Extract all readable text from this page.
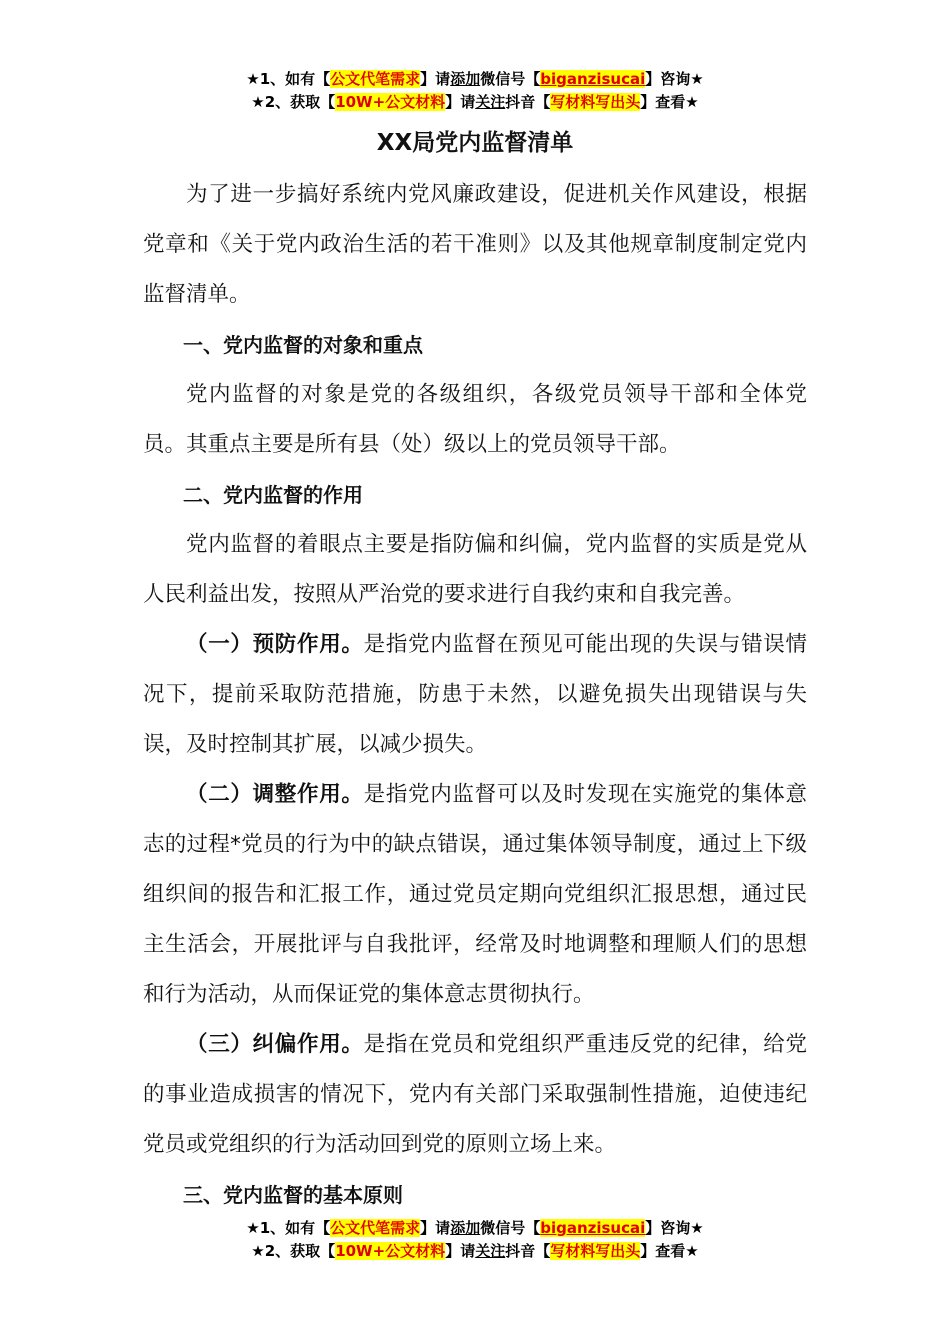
★1、如有【公文代笔需求】请添加微信号【biganzisucai】咨询★
★2、获取【10W+公文材料】请关注抖音【写材料写出头】查看★
XX局党内监督清单

为了进一步搞好系统内党风廉政建设，促进机关作风建设，根据党章和《关于党内政治生活的若干准则》以及其他规章制度制定党内监督清单。

一、党内监督的对象和重点

党内监督的对象是党的各级组织，各级党员领导干部和全体党员。其重点主要是所有县（处）级以上的党员领导干部。

二、党内监督的作用

党内监督的着眼点主要是指防偏和纠偏，党内监督的实质是党从人民利益出发，按照从严治党的要求进行自我约束和自我完善。

（一）预防作用。是指党内监督在预见可能出现的失误与错误情况下，提前采取防范措施，防患于未然，以避免损失出现错误与失误，及时控制其扩展，以减少损失。

（二）调整作用。是指党内监督可以及时发现在实施党的集体意志的过程*党员的行为中的缺点错误，通过集体领导制度，通过上下级组织间的报告和汇报工作，通过党员定期向党组织汇报思想，通过民主生活会，开展批评与自我批评，经常及时地调整和理顺人们的思想和行为活动，从而保证党的集体意志贯彻执行。

（三）纠偏作用。是指在党员和党组织严重违反党的纪律，给党的事业造成损害的情况下，党内有关部门采取强制性措施，迫使违纪党员或党组织的行为活动回到党的原则立场上来。

三、党内监督的基本原则

★1、如有【公文代笔需求】请添加微信号【biganzisucai】咨询★
★2、获取【10W+公文材料】请关注抖音【写材料写出头】查看★
